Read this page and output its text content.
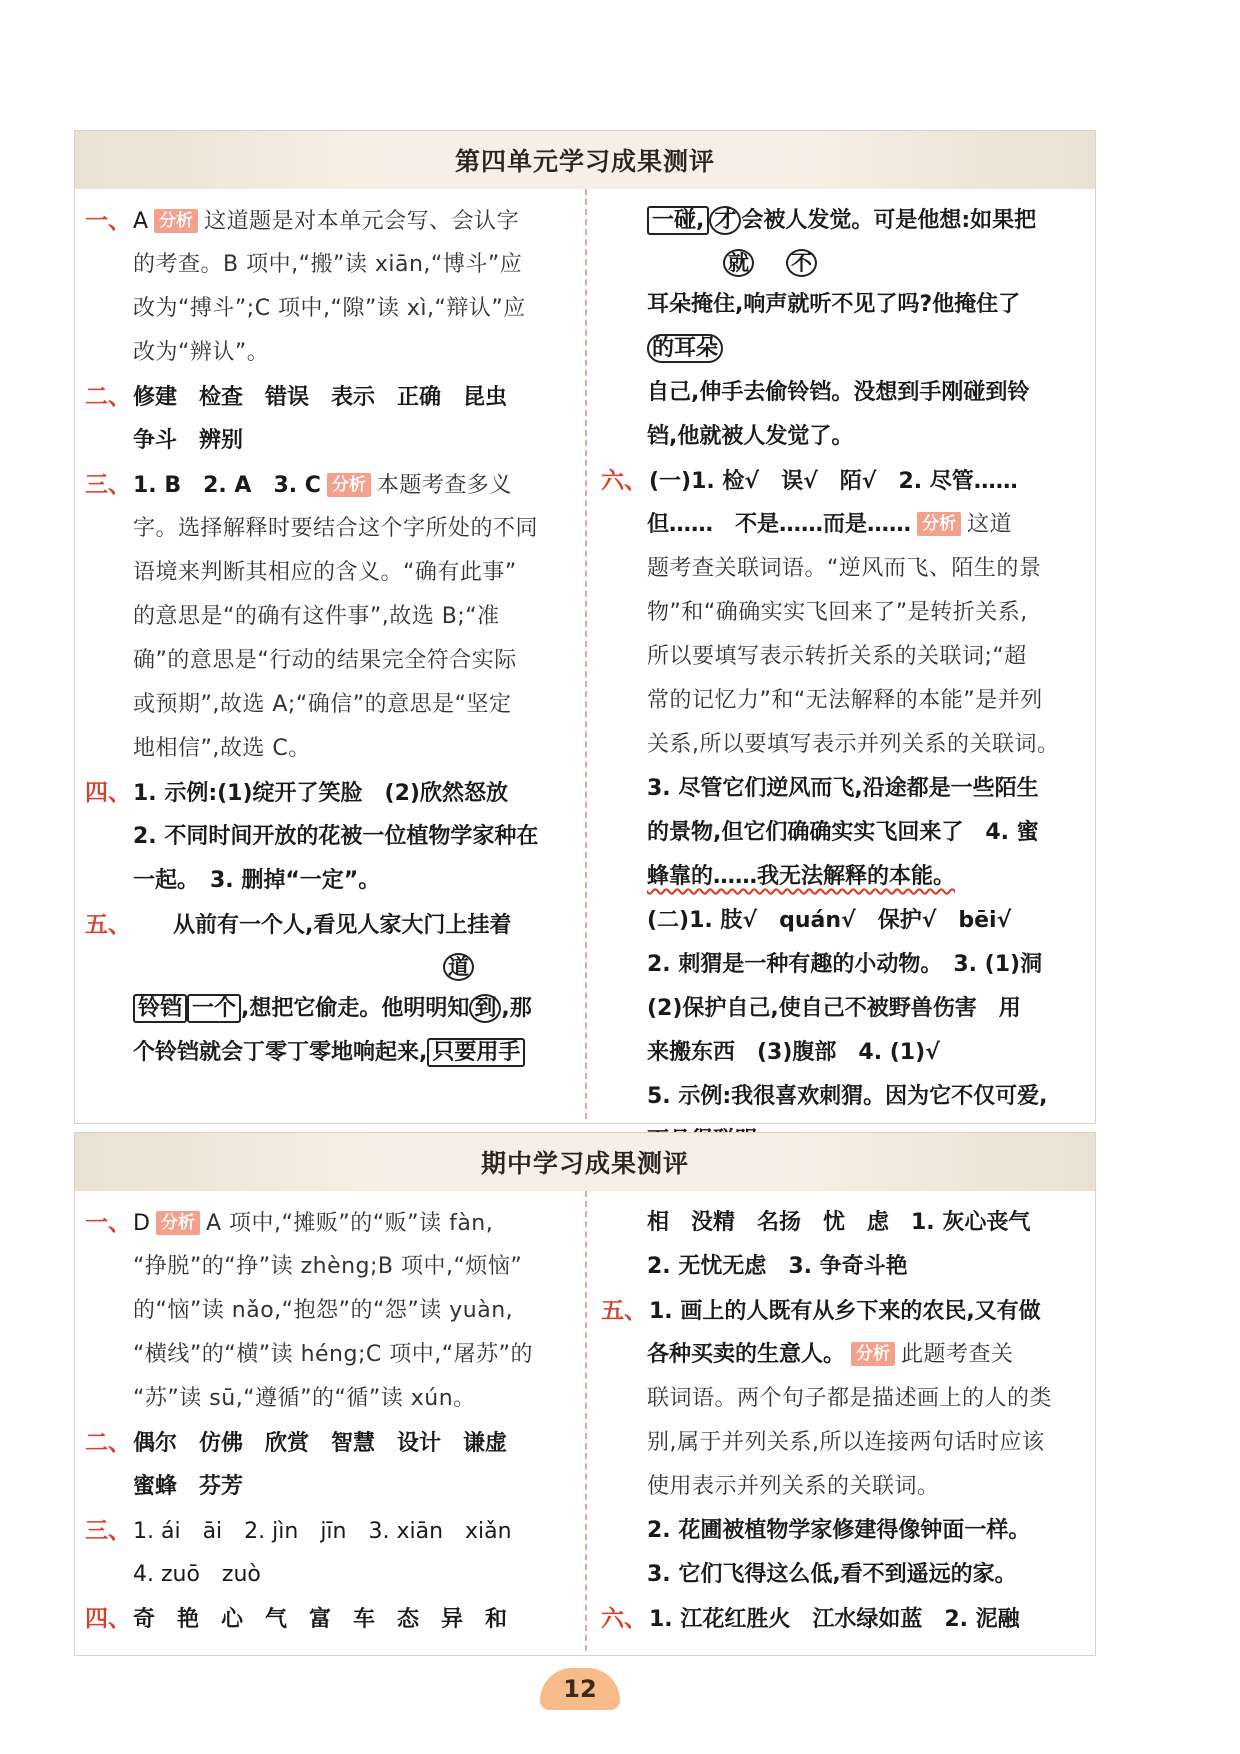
第四单元学习成果测评
一、A 分析 这道题是对本单元会写、会认字
的考查。B 项中,“搬”读 xiān,“博斗”应
改为“搏斗”;C 项中,“隙”读 xì,“辩认”应
改为“辨认”。
二、修建　检查　错误　表示　正确　昆虫
争斗　辨别
三、1. B　2. A　3. C 分析 本题考查多义
字。选择解释时要结合这个字所处的不同
语境来判断其相应的含义。“确有此事”
的意思是“的确有这件事”,故选 B;“准
确”的意思是“行动的结果完全符合实际
或预期”,故选 A;“确信”的意思是“坚定
地相信”,故选 C。
四、1. 示例:(1)绽开了笑脸　(2)欣然怒放
2. 不同时间开放的花被一位植物学家种在
一起。　3. 删掉“一定”。
五、 从前有一个人,看见人家大门上挂着
道
铃铛 一个 ,想把它偷走。他明明知 到 ,那
个铃铛就会丁零丁零地响起来, 只要用手
一碰, 才 会被人发觉。可是他想:如果把
就 不
耳朵掩住,响声就听不见了吗?他掩住了
的耳朵
自己,伸手去偷铃铛。没想到手刚碰到铃
铛,他就被人发觉了。
六、(一)1. 检√　误√　陌√　2. 尽管……
但……　不是……而是…… 分析 这道
题考查关联词语。“逆风而飞、陌生的景
物”和“确确实实飞回来了”是转折关系,
所以要填写表示转折关系的关联词;“超
常的记忆力”和“无法解释的本能”是并列
关系,所以要填写表示并列关系的关联词。
3. 尽管它们逆风而飞,沿途都是一些陌生
的景物,但它们确确实实飞回来了　4. 蜜
蜂靠的……我无法解释的本能。
(二)1. 肢√　quán√　保护√　bēi√
2. 刺猬是一种有趣的小动物。　3. (1)洞
(2)保护自己,使自己不被野兽伤害　用
来搬东西　(3)腹部　4. (1)√
5. 示例:我很喜欢刺猬。因为它不仅可爱,
期中学习成果测评
一、D 分析 A 项中,“摊贩”的“贩”读 fàn,
“挣脱”的“挣”读 zhèng;B 项中,“烦恼”
的“恼”读 nǎo,“抱怨”的“怨”读 yuàn,
“横线”的“横”读 héng;C 项中,“屠苏”的
“苏”读 sū,“遵循”的“循”读 xún。
二、偶尔　仿佛　欣赏　智慧　设计　谦虚
蜜蜂　芬芳
三、1. ái　āi　2. jìn　jīn　3. xiān　xiǎn
4. zuō　zuò
四、奇　艳　心　气　富　车　态　异　和
相　没精　名扬　忧　虑　1. 灰心丧气
2. 无忧无虑　3. 争奇斗艳
五、1. 画上的人既有从乡下来的农民,又有做
各种买卖的生意人。 分析 此题考查关
联词语。两个句子都是描述画上的人的类
别,属于并列关系,所以连接两句话时应该
使用表示并列关系的关联词。
2. 花圃被植物学家修建得像钟面一样。
3. 它们飞得这么低,看不到遥远的家。
六、1. 江花红胜火　江水绿如蓝　2. 泥融
12
